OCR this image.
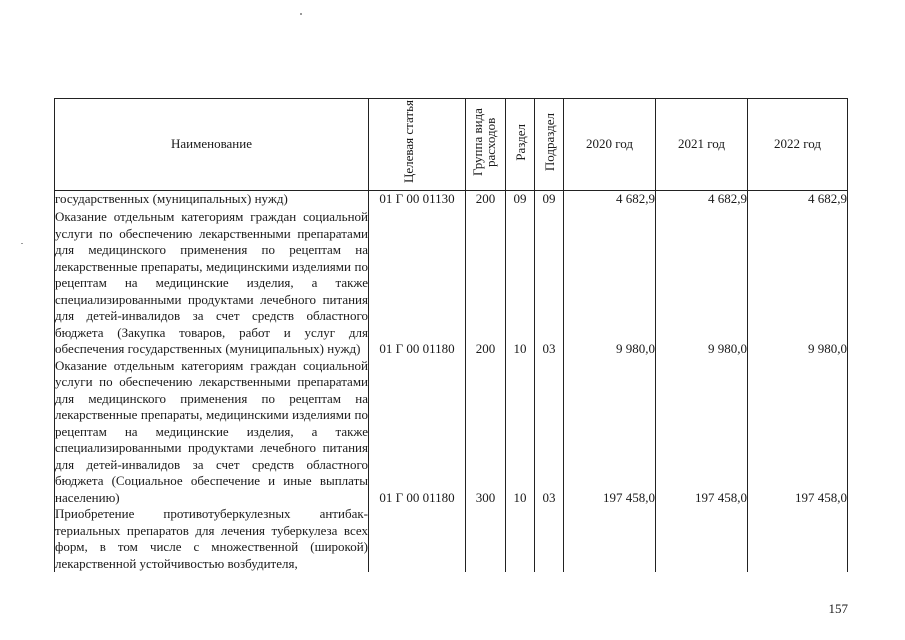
Наименование	Целевая статья	Группа вида расходов	Раздел	Подраздел	2020 год	2021 год	2022 год
государственных (муниципальных) нужд)	01 Г 00 01130	200	09	09	4 682,9	4 682,9	4 682,9
Оказание отдельным категориям граждан социальной услуги по обеспечению лекарственными препаратами для медицинского применения по рецептам на лекарственные препараты, медицинскими изделиями по рецептам на медицинские изделия, а также специализированными продуктами лечебного питания для детей-инвалидов за счет средств областного бюджета (Закупка товаров, работ и услуг для обеспечения государственных (муниципальных) нужд)	01 Г 00 01180	200	10	03	9 980,0	9 980,0	9 980,0
Оказание отдельным категориям граждан социальной услуги по обеспечению лекарственными препаратами для медицинского применения по рецептам на лекарственные препараты, медицинскими изделиями по рецептам на медицинские изделия, а также специализированными продуктами лечебного питания для детей-инвалидов за счет средств областного бюджета (Социальное обеспечение и иные выплаты населению)	01 Г 00 01180	300	10	03	197 458,0	197 458,0	197 458,0
Приобретение противотуберкулезных антибактериальных препаратов для лечения туберкулеза всех форм, в том числе с множественной (широкой) лекарственной устойчивостью возбудителя,							
157
